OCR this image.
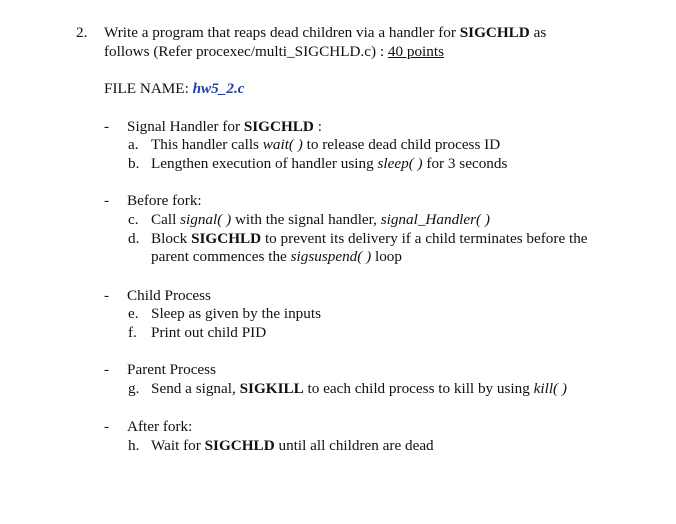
2. Write a program that reaps dead children via a handler for SIGCHLD as
follows (Refer procexec/multi_SIGCHLD.c) : 40 points
FILE NAME: hw5_2.c
- Signal Handler for SIGCHLD :
a. This handler calls wait( ) to release dead child process ID
b. Lengthen execution of handler using sleep( ) for 3 seconds
- Before fork:
c. Call signal( ) with the signal handler, signal_Handler( )
d. Block SIGCHLD to prevent its delivery if a child terminates before the
parent commences the sigsuspend( ) loop
- Child Process
e. Sleep as given by the inputs
f. Print out child PID
- Parent Process
g. Send a signal, SIGKILL to each child process to kill by using kill( )
- After fork:
h. Wait for SIGCHLD until all children are dead
